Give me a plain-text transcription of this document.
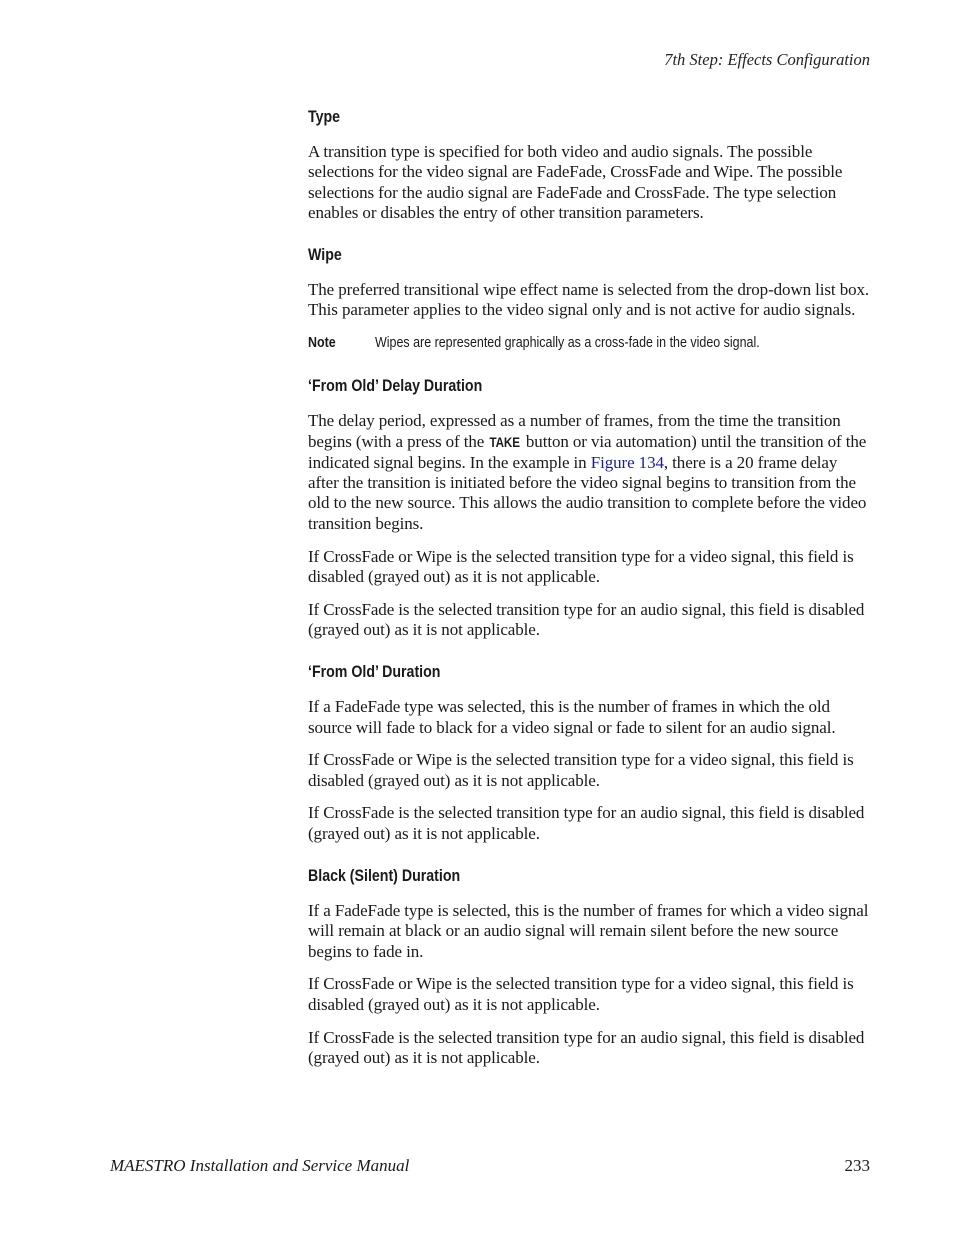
7th Step: Effects Configuration
Type

A transition type is specified for both video and audio signals. The possible selections for the video signal are FadeFade, CrossFade and Wipe. The possible selections for the audio signal are FadeFade and CrossFade. The type selection enables or disables the entry of other transition parameters.

Wipe

The preferred transitional wipe effect name is selected from the drop-down list box. This parameter applies to the video signal only and is not active for audio signals.

Note	Wipes are represented graphically as a cross-fade in the video signal.
‘From Old’ Delay Duration

The delay period, expressed as a number of frames, from the time the transition begins (with a press of the TAKE button or via automation) until the transition of the indicated signal begins. In the example in Figure 134, there is a 20 frame delay after the transition is initiated before the video signal begins to transition from the old to the new source. This allows the audio transition to complete before the video transition begins.

If CrossFade or Wipe is the selected transition type for a video signal, this field is disabled (grayed out) as it is not applicable.

If CrossFade is the selected transition type for an audio signal, this field is disabled (grayed out) as it is not applicable.

‘From Old’ Duration

If a FadeFade type was selected, this is the number of frames in which the old source will fade to black for a video signal or fade to silent for an audio signal.

If CrossFade or Wipe is the selected transition type for a video signal, this field is disabled (grayed out) as it is not applicable.

If CrossFade is the selected transition type for an audio signal, this field is disabled (grayed out) as it is not applicable.

Black (Silent) Duration

If a FadeFade type is selected, this is the number of frames for which a video signal will remain at black or an audio signal will remain silent before the new source begins to fade in.

If CrossFade or Wipe is the selected transition type for a video signal, this field is disabled (grayed out) as it is not applicable.

If CrossFade is the selected transition type for an audio signal, this field is disabled (grayed out) as it is not applicable.

MAESTRO Installation and Service Manual	233
